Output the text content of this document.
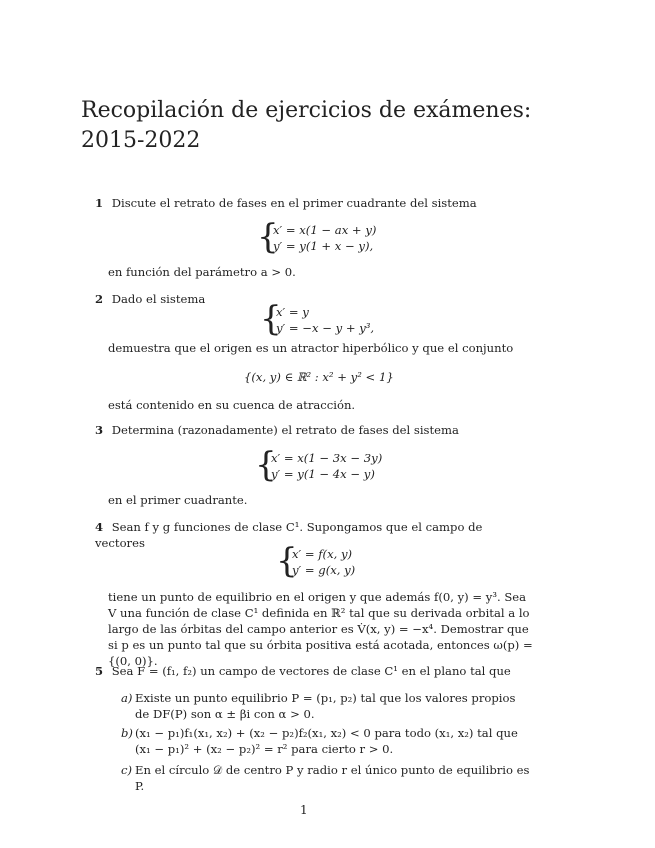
Recopilación de ejercicios de exámenes: 2015-2022
1 Discute el retrato de fases en el primer cuadrante del sistema
{
x′ = x(1 − ax + y)
y′ = y(1 + x − y),
en función del parámetro a > 0.
2 Dado el sistema	{
x′ = y
y′ = −x − y + y³,
demuestra que el origen es un atractor hiperbólico y que el conjunto
{(x, y) ∈ ℝ² : x² + y² < 1}
está contenido en su cuenca de atracción.
3 Determina (razonadamente) el retrato de fases del sistema
{
x′ = x(1 − 3x − 3y)
y′ = y(1 − 4x − y)
en el primer cuadrante.
4 Sean f y g funciones de clase C¹. Supongamos que el campo de vectores	{
x′ = f(x, y)
y′ = g(x, y)
tiene un punto de equilibrio en el origen y que además f(0, y) = y³. Sea V una función de clase C¹ definida en ℝ² tal que su derivada orbital a lo largo de las órbitas del campo anterior es V̇(x, y) = −x⁴. Demostrar que si p es un punto tal que su órbita positiva está acotada, entonces ω(p) = {(0, 0)}.
5 Sea F = (f₁, f₂) un campo de vectores de clase C¹ en el plano tal que
a) Existe un punto equilibrio P = (p₁, p₂) tal que los valores propios de DF(P) son α ± βi con α > 0.
b) (x₁ − p₁)f₁(x₁, x₂) + (x₂ − p₂)f₂(x₁, x₂) < 0 para todo (x₁, x₂) tal que (x₁ − p₁)² + (x₂ − p₂)² = r² para cierto r > 0.
c) En el círculo 𝒟 de centro P y radio r el único punto de equilibrio es P.
1
